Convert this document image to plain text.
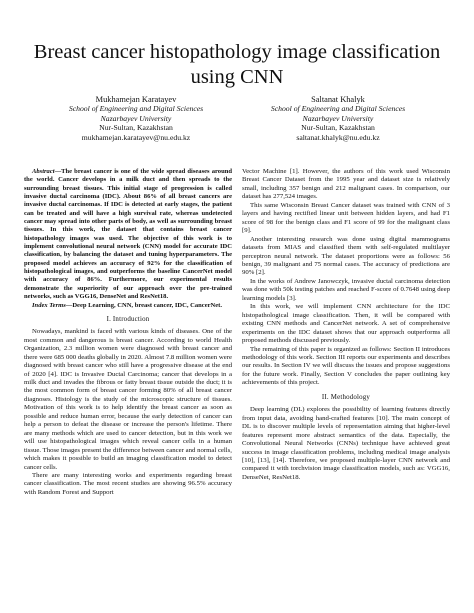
Breast cancer histopathology image classification using CNN
Mukhamejan Karatayev
School of Engineering and Digital Sciences
Nazarbayev University
Nur-Sultan, Kazakhstan
mukhamejan.karatayev@nu.edu.kz
Saltanat Khalyk
School of Engineering and Digital Sciences
Nazarbayev University
Nur-Sultan, Kazakhstan
saltanat.khalyk@nu.edu.kz

Abstract—The breast cancer is one of the wide spread diseases around the world. Cancer develops in a milk duct and then spreads to the surrounding breast tissues. This initial stage of progression is called invasive ductal carcinoma (IDC). About 86% of all breast cancers are invasive ductal carcinomas. If IDC is detected at early stages, the patient can be treated and will have a high survival rate, whereas undetected cancer may spread into other parts of body, as well as surrounding breast tissues. In this work, the dataset that contains breast cancer histopathology images was used. The objective of this work is to implement convolutional neural network (CNN) model for accurate IDC classification, by balancing the dataset and tuning hyperparameters. The proposed model achieves an accuracy of 92% for the classification of histopathological images, and outperforms the baseline CancerNet model with accuracy of 86%. Furthermore, our experimental results demonstrate the superiority of our approach over the pre-trained networks, such as VGG16, DenseNet and ResNet18.

Index Terms—Deep Learning, CNN, breast cancer, IDC, CancerNet.

I. Introduction

Nowadays, mankind is faced with various kinds of diseases. One of the most common and dangerous is breast cancer. According to world Health Organization, 2.3 million women were diagnosed with breast cancer and there were 685 000 deaths globally in 2020. Almost 7.8 million women were diagnosed with breast cancer who still have a progressive disease at the end of 2020 [4]. IDC is Invasive Ductal Carcinoma; cancer that develops in a milk duct and invades the fibrous or fatty breast tissue outside the duct; it is the most common form of breast cancer forming 80% of all breast cancer diagnoses. Histology is the study of the microscopic structure of tissues. Motivation of this work is to help identify the breast cancer as soon as possible and reduce human error, because the early detection of cancer can help a person to defeat the disease or increase the person's lifetime. There are many methods which are used to cancer detection, but in this work we will use histopathological images which reveal cancer cells in a human tissue. Those images present the difference between cancer and normal cells, which makes it possible to build an imaging classification model to detect cancer cells.

There are many interesting works and experiments regarding breast cancer classification. The most recent studies are showing 96.5% accuracy with Random Forest and Support

Vector Machine [1]. However, the authors of this work used Wisconsin Breast Cancer Dataset from the 1995 year and dataset size is relatively small, including 357 benign and 212 malignant cases. In comparison, our dataset has 277,524 images.

This same Wisconsin Breast Cancer dataset was trained with CNN of 3 layers and having rectified linear unit between hidden layers, and had F1 score of 98 for the benign class and F1 score of 99 for the malignant class [9].

Another interesting research was done using digital mammograms datasets from MIAS and classified them with self-regulated multilayer perceptron neural network. The dataset proportions were as follows: 56 benign, 39 malignant and 75 normal cases. The accuracy of predictions are 90% [2].

In the works of Andrew Janowczyk, invasive ductal carcinoma detection was done with 50k testing patches and reached F-score of 0.7648 using deep learning models [3].

In this work, we will implement CNN architecture for the IDC histopathological image classification. Then, it will be compared with existing CNN methods and CancerNet network. A set of comprehensive experiments on the IDC dataset shows that our approach outperforms all proposed methods discussed previously.

The remaining of this paper is organized as follows: Section II introduces methodology of this work. Section III reports our experiments and describes our results. In Section IV we will discuss the issues and propose suggestions for the future work. Finally, Section V concludes the paper outlining key achievements of this project.

II. Methodology

Deep learning (DL) explores the possibility of learning features directly from input data, avoiding hand-crafted features [10]. The main concept of DL is to discover multiple levels of representation aiming that higher-level features represent more abstract semantics of the data. Especially, the Convolutional Neural Networks (CNNs) technique have achieved great success in image classification problems, including medical image analysis [10], [13], [14]. Therefore, we proposed multiple-layer CNN network and compared it with torchvision image classification models, such as: VGG16, DenseNet, ResNet18.
